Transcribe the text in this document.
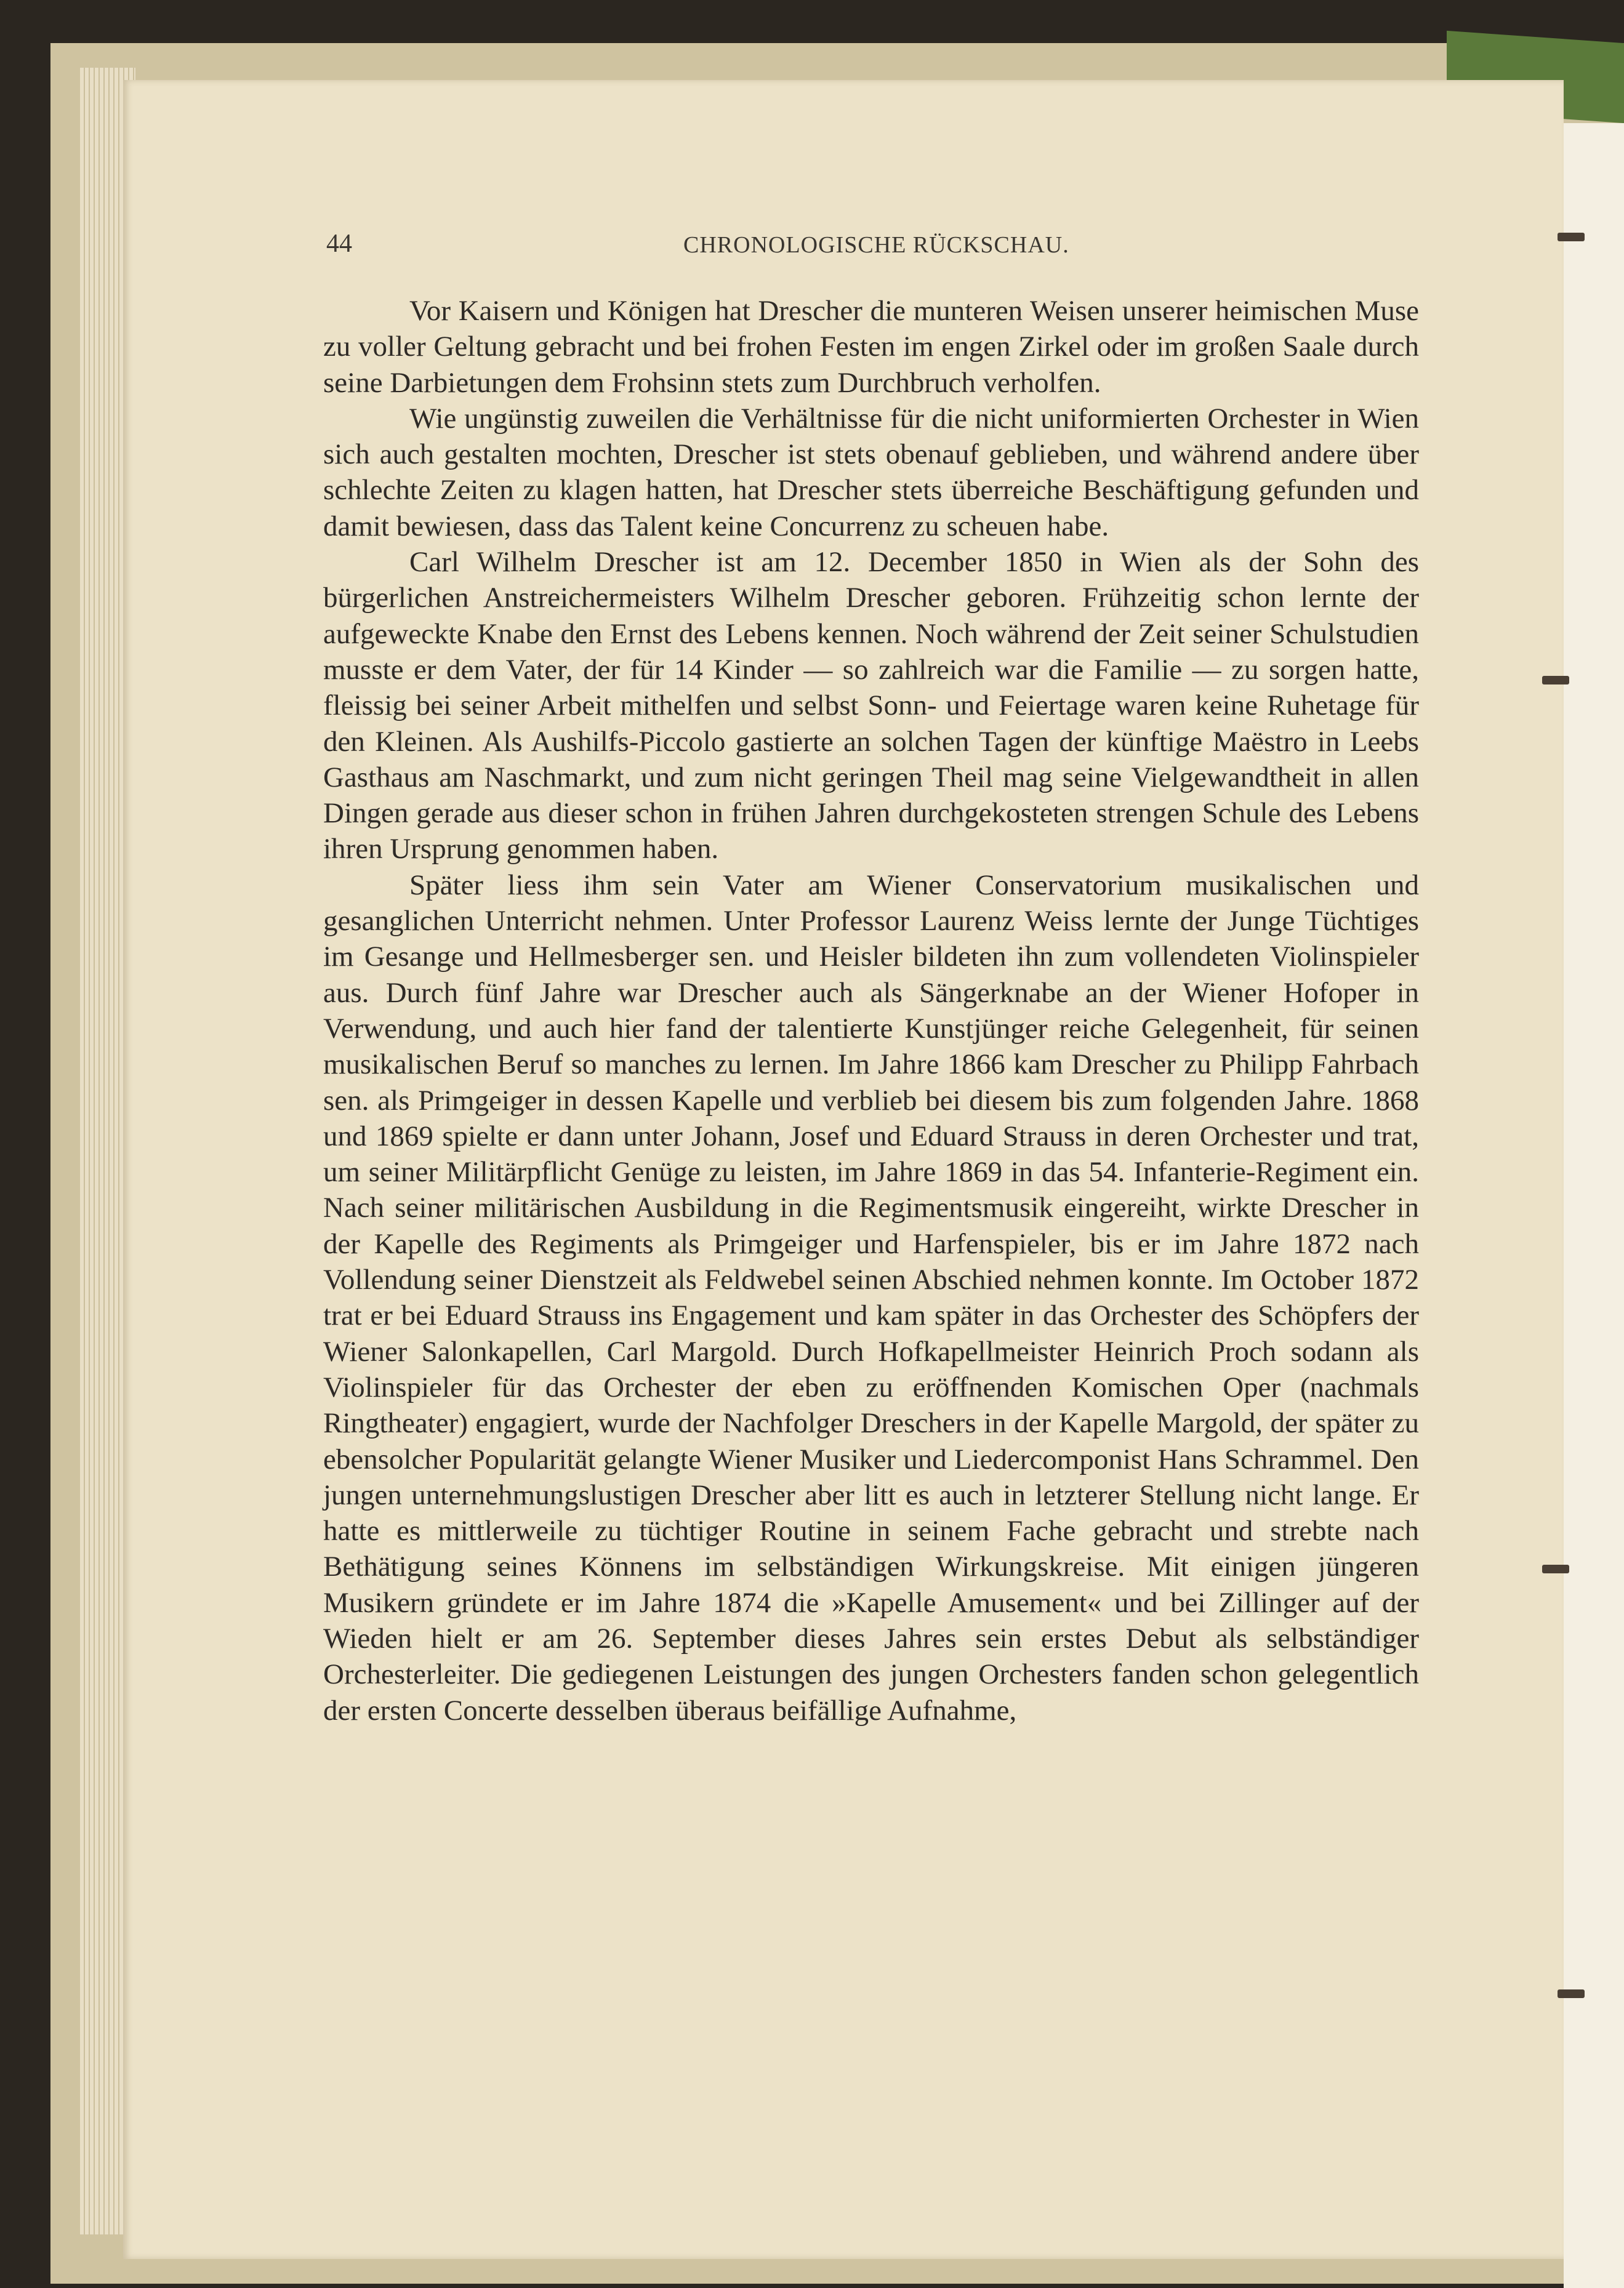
44	CHRONOLOGISCHE RÜCKSCHAU.

Vor Kaisern und Königen hat Drescher die munteren Weisen unserer heimischen Muse zu voller Geltung gebracht und bei frohen Festen im engen Zirkel oder im großen Saale durch seine Darbietungen dem Frohsinn stets zum Durchbruch verholfen.

Wie ungünstig zuweilen die Verhältnisse für die nicht uniformierten Orchester in Wien sich auch gestalten mochten, Drescher ist stets obenauf geblieben, und während andere über schlechte Zeiten zu klagen hatten, hat Drescher stets überreiche Beschäftigung gefunden und damit bewiesen, dass das Talent keine Concurrenz zu scheuen habe.

Carl Wilhelm Drescher ist am 12. December 1850 in Wien als der Sohn des bürgerlichen Anstreichermeisters Wilhelm Drescher geboren. Frühzeitig schon lernte der aufgeweckte Knabe den Ernst des Lebens kennen. Noch während der Zeit seiner Schulstudien musste er dem Vater, der für 14 Kinder — so zahlreich war die Familie — zu sorgen hatte, fleissig bei seiner Arbeit mithelfen und selbst Sonn- und Feiertage waren keine Ruhetage für den Kleinen. Als Aushilfs-Piccolo gastierte an solchen Tagen der künftige Maëstro in Leebs Gasthaus am Naschmarkt, und zum nicht geringen Theil mag seine Vielgewandtheit in allen Dingen gerade aus dieser schon in frühen Jahren durchgekosteten strengen Schule des Lebens ihren Ursprung genommen haben.

Später liess ihm sein Vater am Wiener Conservatorium musikalischen und gesanglichen Unterricht nehmen. Unter Professor Laurenz Weiss lernte der Junge Tüchtiges im Gesange und Hellmesberger sen. und Heisler bildeten ihn zum vollendeten Violinspieler aus. Durch fünf Jahre war Drescher auch als Sängerknabe an der Wiener Hofoper in Verwendung, und auch hier fand der talentierte Kunstjünger reiche Gelegenheit, für seinen musikalischen Beruf so manches zu lernen. Im Jahre 1866 kam Drescher zu Philipp Fahrbach sen. als Primgeiger in dessen Kapelle und verblieb bei diesem bis zum folgenden Jahre. 1868 und 1869 spielte er dann unter Johann, Josef und Eduard Strauss in deren Orchester und trat, um seiner Militärpflicht Genüge zu leisten, im Jahre 1869 in das 54. Infanterie-Regiment ein. Nach seiner militärischen Ausbildung in die Regimentsmusik eingereiht, wirkte Drescher in der Kapelle des Regiments als Primgeiger und Harfenspieler, bis er im Jahre 1872 nach Vollendung seiner Dienstzeit als Feldwebel seinen Abschied nehmen konnte. Im October 1872 trat er bei Eduard Strauss ins Engagement und kam später in das Orchester des Schöpfers der Wiener Salonkapellen, Carl Margold. Durch Hofkapellmeister Heinrich Proch sodann als Violinspieler für das Orchester der eben zu eröffnenden Komischen Oper (nachmals Ringtheater) engagiert, wurde der Nachfolger Dreschers in der Kapelle Margold, der später zu ebensolcher Popularität gelangte Wiener Musiker und Liedercomponist Hans Schrammel. Den jungen unternehmungslustigen Drescher aber litt es auch in letzterer Stellung nicht lange. Er hatte es mittlerweile zu tüchtiger Routine in seinem Fache gebracht und strebte nach Bethätigung seines Könnens im selbständigen Wirkungskreise. Mit einigen jüngeren Musikern gründete er im Jahre 1874 die »Kapelle Amusement« und bei Zillinger auf der Wieden hielt er am 26. September dieses Jahres sein erstes Debut als selbständiger Orchesterleiter. Die gediegenen Leistungen des jungen Orchesters fanden schon gelegentlich der ersten Concerte desselben überaus beifällige Aufnahme,
